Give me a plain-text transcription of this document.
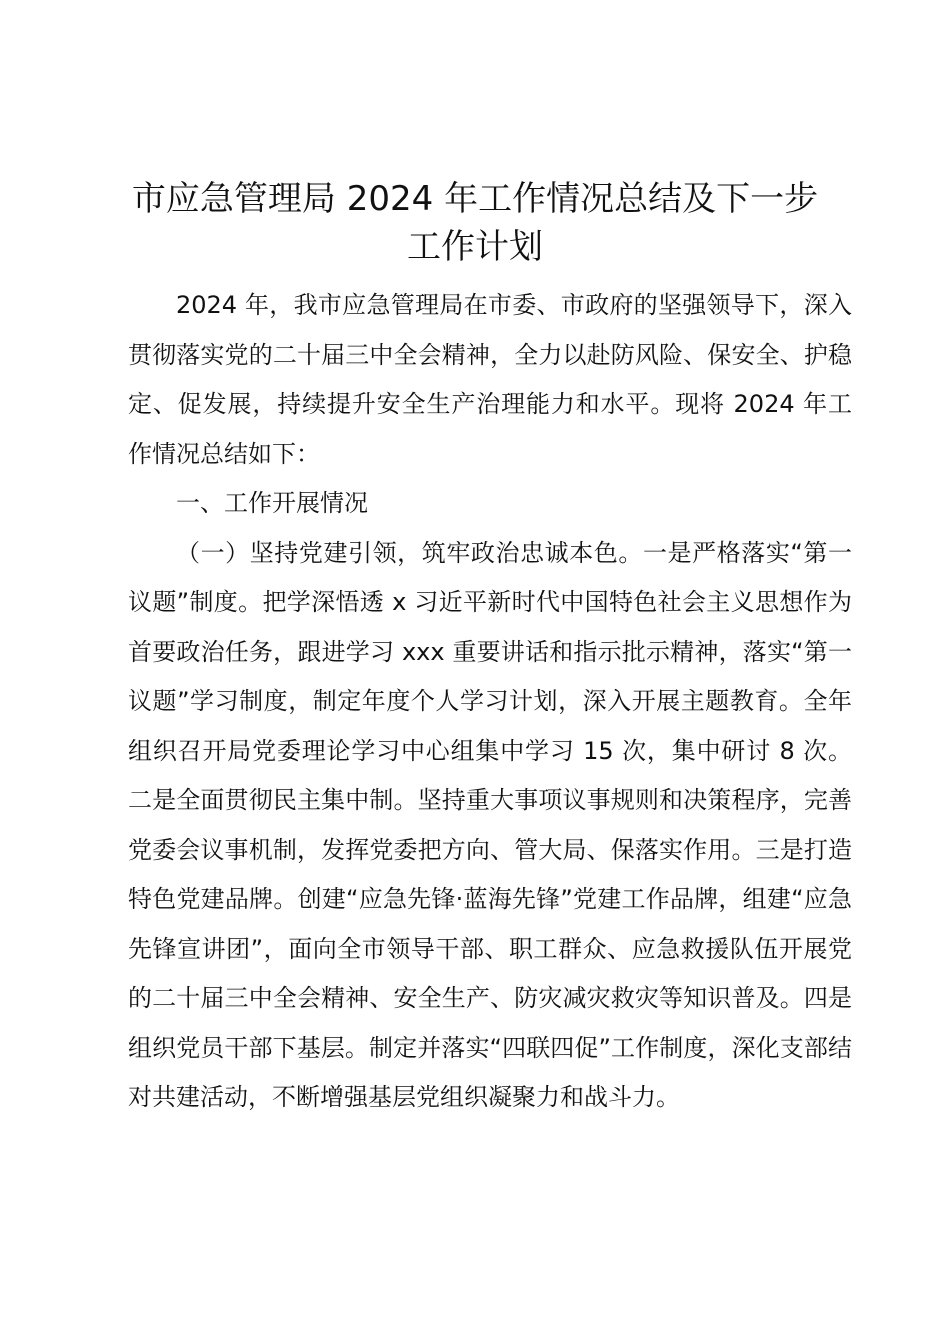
市应急管理局 2024 年工作情况总结及下一步
工作计划

2024 年，我市应急管理局在市委、市政府的坚强领导下，深入贯彻落实党的二十届三中全会精神，全力以赴防风险、保安全、护稳定、促发展，持续提升安全生产治理能力和水平。现将 2024 年工作情况总结如下：

一、工作开展情况

（一）坚持党建引领，筑牢政治忠诚本色。一是严格落实“第一议题”制度。把学深悟透 x 习近平新时代中国特色社会主义思想作为首要政治任务，跟进学习 xxx 重要讲话和指示批示精神，落实“第一议题”学习制度，制定年度个人学习计划，深入开展主题教育。全年组织召开局党委理论学习中心组集中学习 15 次，集中研讨 8 次。二是全面贯彻民主集中制。坚持重大事项议事规则和决策程序，完善党委会议事机制，发挥党委把方向、管大局、保落实作用。三是打造特色党建品牌。创建“应急先锋·蓝海先锋”党建工作品牌，组建“应急先锋宣讲团”，面向全市领导干部、职工群众、应急救援队伍开展党的二十届三中全会精神、安全生产、防灾减灾救灾等知识普及。四是组织党员干部下基层。制定并落实“四联四促”工作制度，深化支部结对共建活动，不断增强基层党组织凝聚力和战斗力。
